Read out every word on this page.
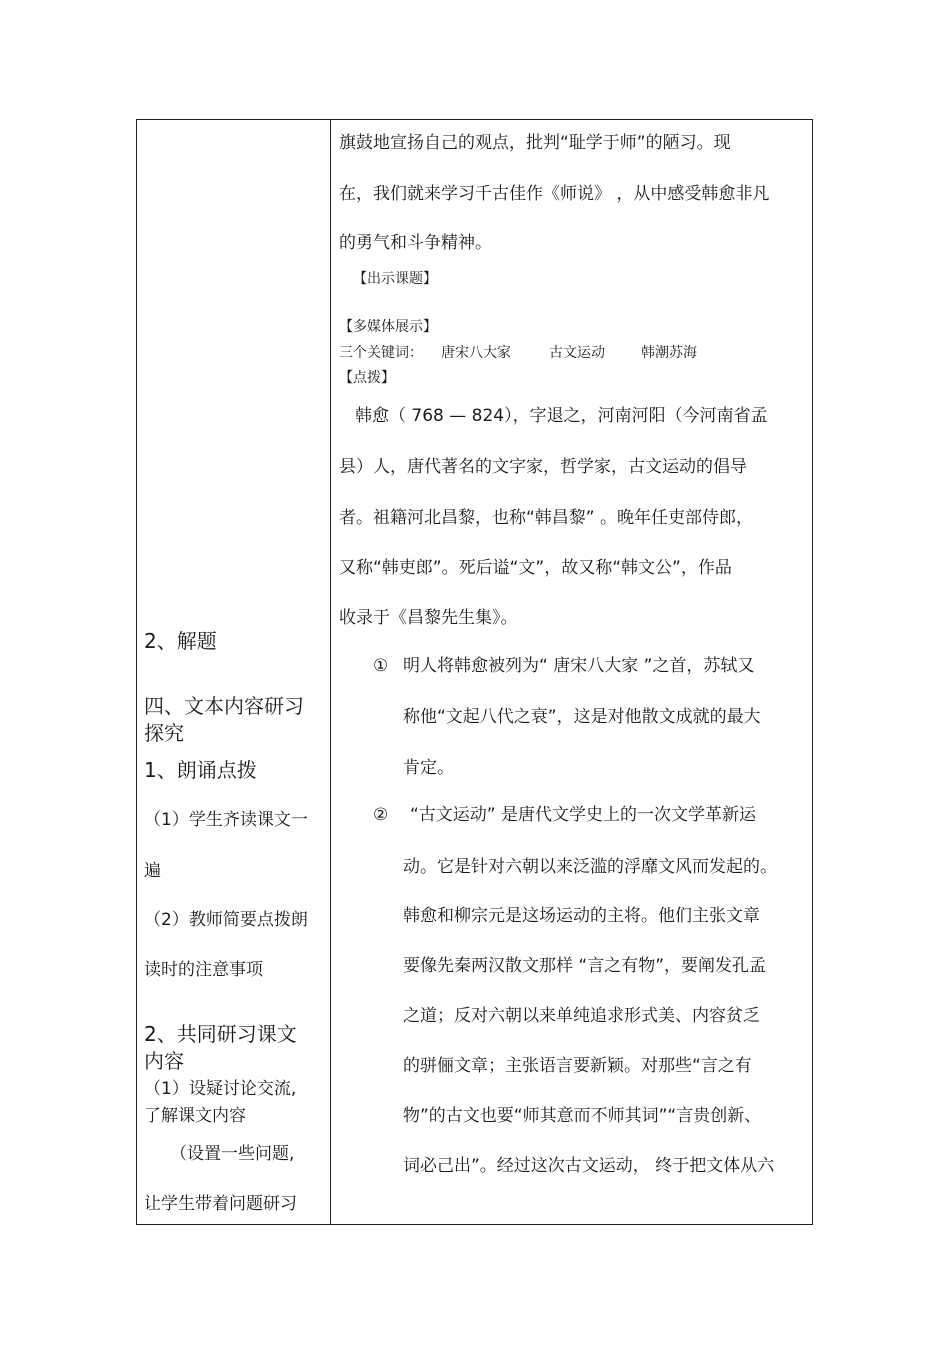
2、解题
四、文本内容研习
探究
1、朗诵点拨
（1）学生齐读课文一
遍
（2）教师简要点拨朗
读时的注意事项
2、共同研习课文
内容
（1）设疑讨论交流,
了解课文内容
（设置一些问题,
让学生带着问题研习
旗鼓地宣扬自己的观点，批判“耻学于师”的陋习。现
在，我们就来学习千古佳作《师说》 ，从中感受韩愈非凡
的勇气和斗争精神。
【出示课题】
【多媒体展示】
三个关键词： 唐宋八大家	古文运动	韩潮苏海
【点拨】
韩愈（ 768 — 824），字退之，河南河阳（今河南省孟
县）人，唐代著名的文字家，哲学家，古文运动的倡导
者。祖籍河北昌黎，也称“韩昌黎” 。晚年任吏部侍郎，
又称“韩吏郎”。死后谥“文”，故又称“韩文公”，作品
收录于《昌黎先生集》。
① 明人将韩愈被列为“ 唐宋八大家 ”之首，苏轼又
称他“文起八代之衰”，这是对他散文成就的最大
肯定。
② “古文运动” 是唐代文学史上的一次文学革新运
动。它是针对六朝以来泛滥的浮靡文风而发起的。
韩愈和柳宗元是这场运动的主将。他们主张文章
要像先秦两汉散文那样 “言之有物”，要阐发孔孟
之道；反对六朝以来单纯追求形式美、内容贫乏
的骈俪文章；主张语言要新颖。对那些“言之有
物”的古文也要“师其意而不师其词”“言贵创新、
词必己出”。经过这次古文运动， 终于把文体从六
